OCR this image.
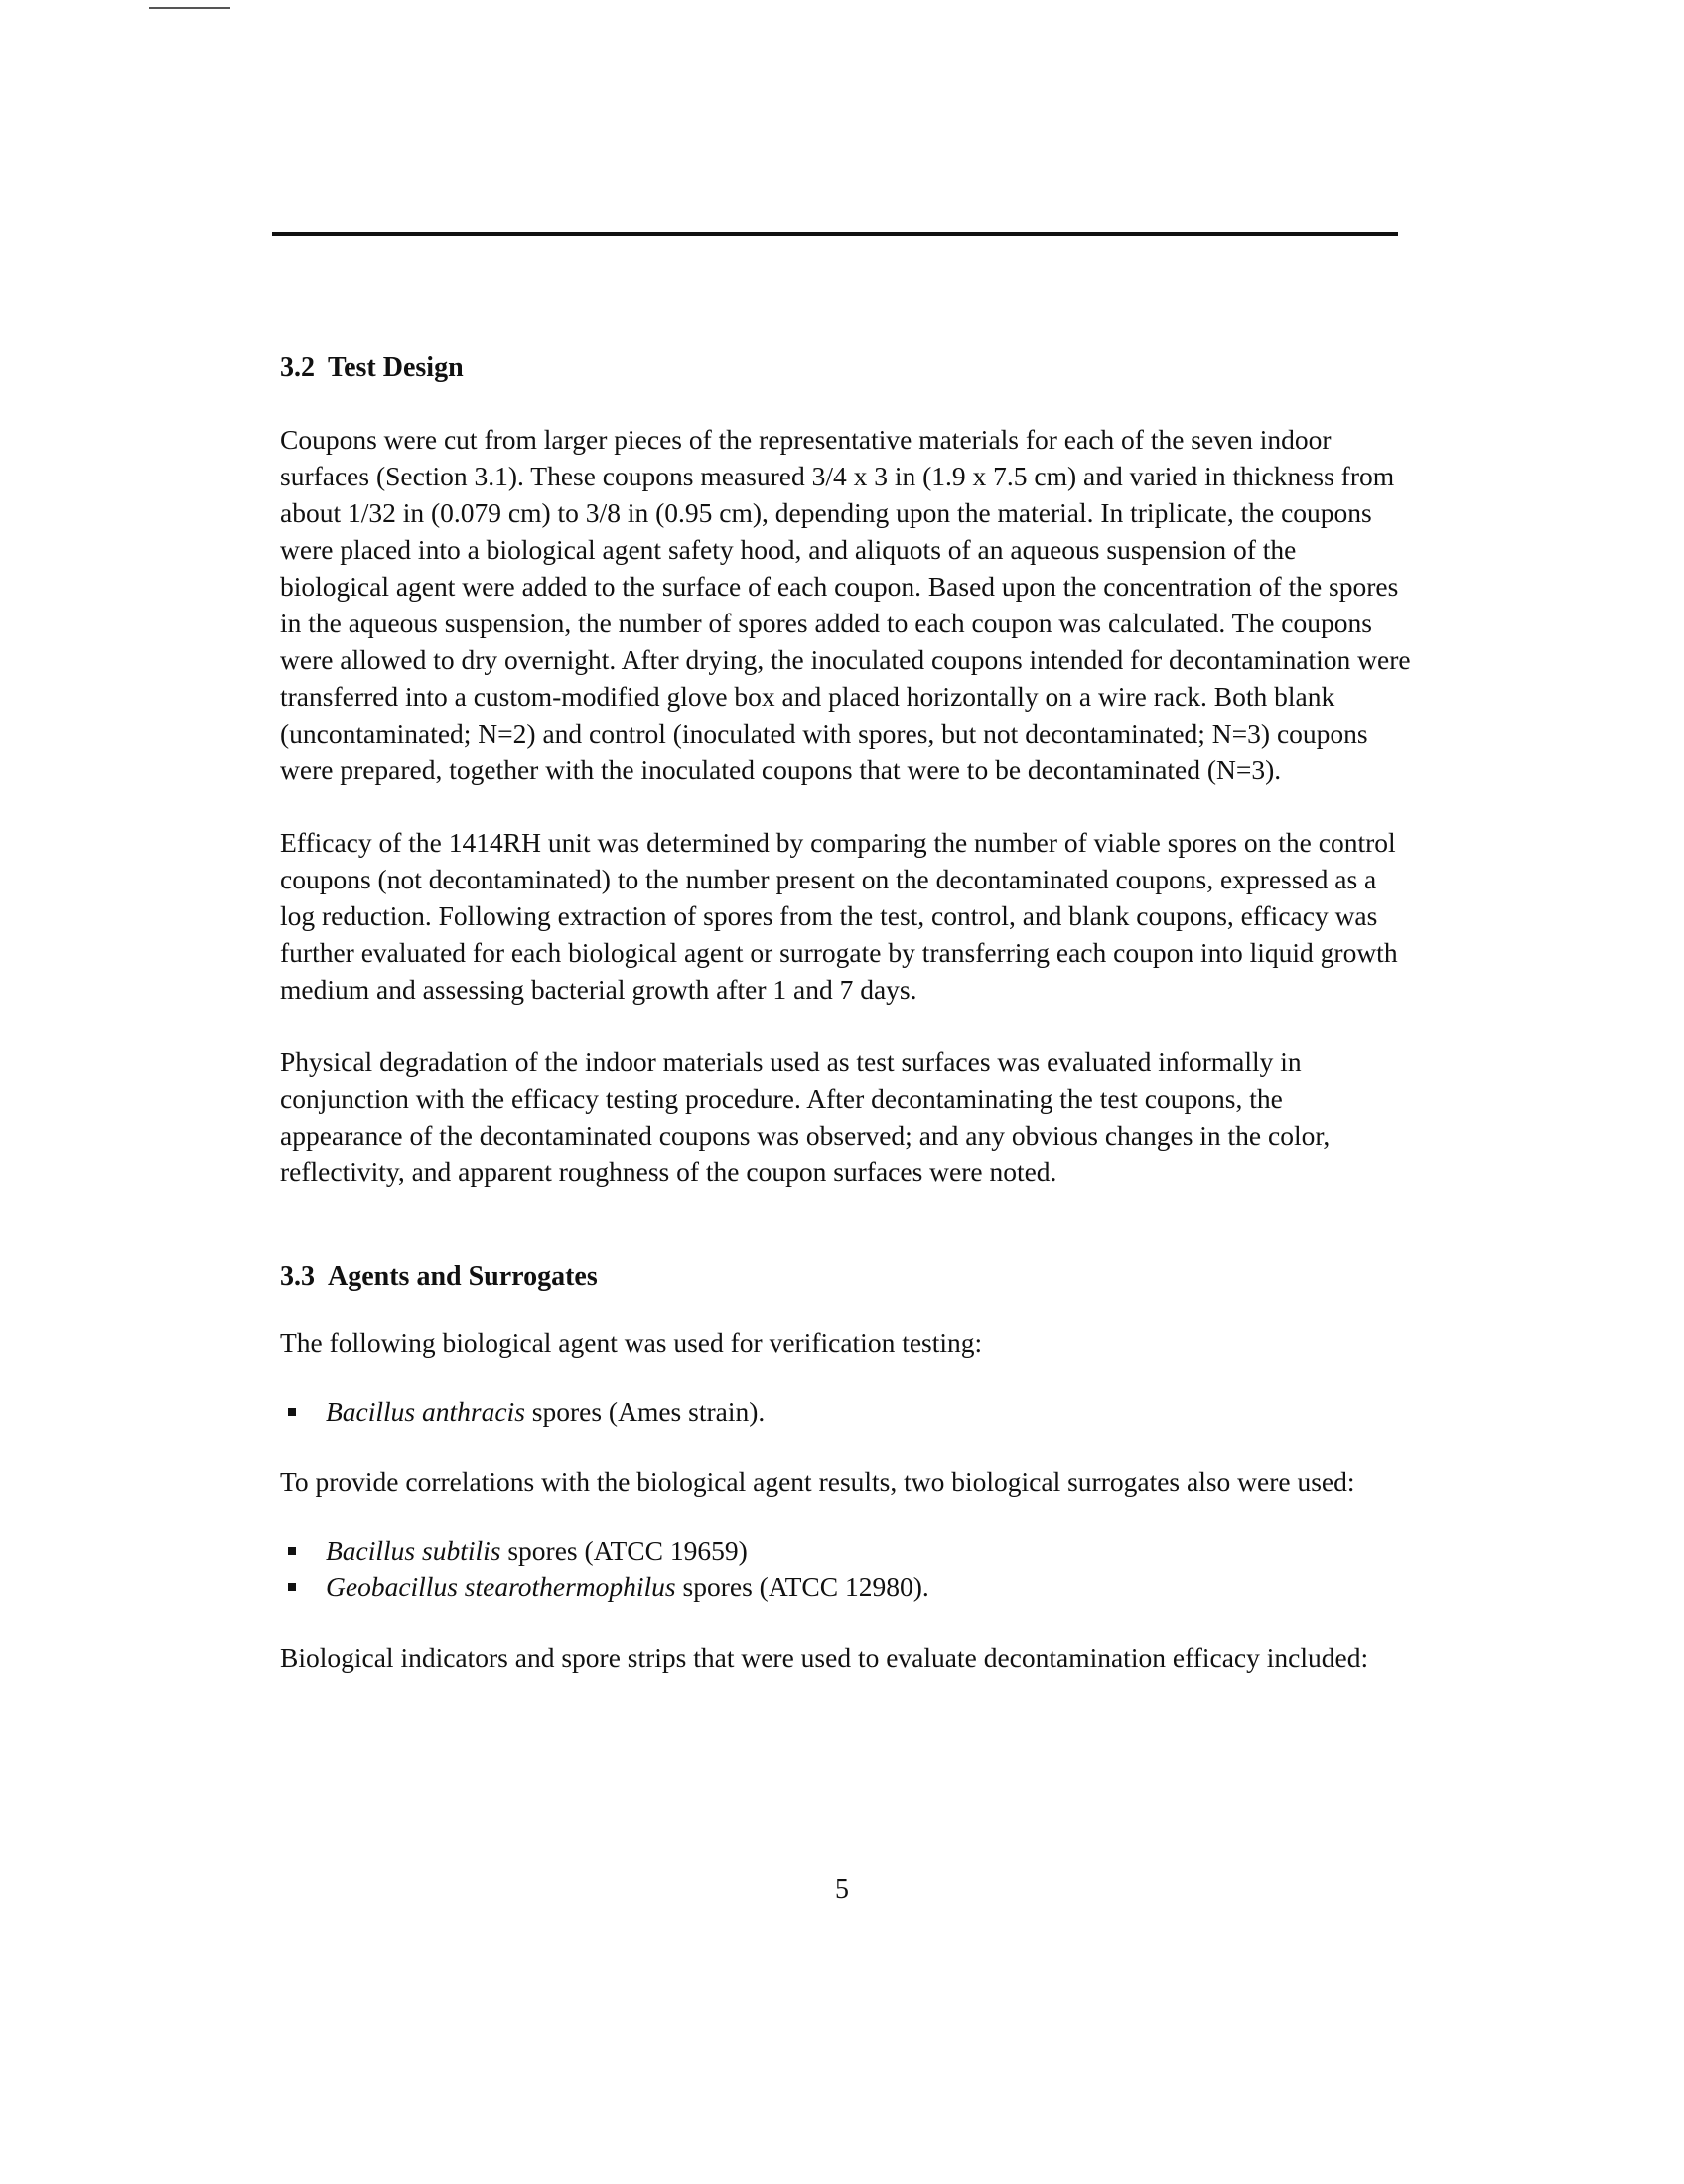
3.2 Test Design

Coupons were cut from larger pieces of the representative materials for each of the seven indoor surfaces (Section 3.1). These coupons measured 3/4 x 3 in (1.9 x 7.5 cm) and varied in thickness from about 1/32 in (0.079 cm) to 3/8 in (0.95 cm), depending upon the material. In triplicate, the coupons were placed into a biological agent safety hood, and aliquots of an aqueous suspension of the biological agent were added to the surface of each coupon. Based upon the concentration of the spores in the aqueous suspension, the number of spores added to each coupon was calculated. The coupons were allowed to dry overnight. After drying, the inoculated coupons intended for decontamination were transferred into a custom-modified glove box and placed horizontally on a wire rack. Both blank (uncontaminated; N=2) and control (inoculated with spores, but not decontaminated; N=3) coupons were prepared, together with the inoculated coupons that were to be decontaminated (N=3).

Efficacy of the 1414RH unit was determined by comparing the number of viable spores on the control coupons (not decontaminated) to the number present on the decontaminated coupons, expressed as a log reduction. Following extraction of spores from the test, control, and blank coupons, efficacy was further evaluated for each biological agent or surrogate by transferring each coupon into liquid growth medium and assessing bacterial growth after 1 and 7 days.

Physical degradation of the indoor materials used as test surfaces was evaluated informally in conjunction with the efficacy testing procedure. After decontaminating the test coupons, the appearance of the decontaminated coupons was observed; and any obvious changes in the color, reflectivity, and apparent roughness of the coupon surfaces were noted.

3.3 Agents and Surrogates

The following biological agent was used for verification testing:

Bacillus anthracis spores (Ames strain).

To provide correlations with the biological agent results, two biological surrogates also were used:

Bacillus subtilis spores (ATCC 19659)
Geobacillus stearothermophilus spores (ATCC 12980).

Biological indicators and spore strips that were used to evaluate decontamination efficacy included:

5
